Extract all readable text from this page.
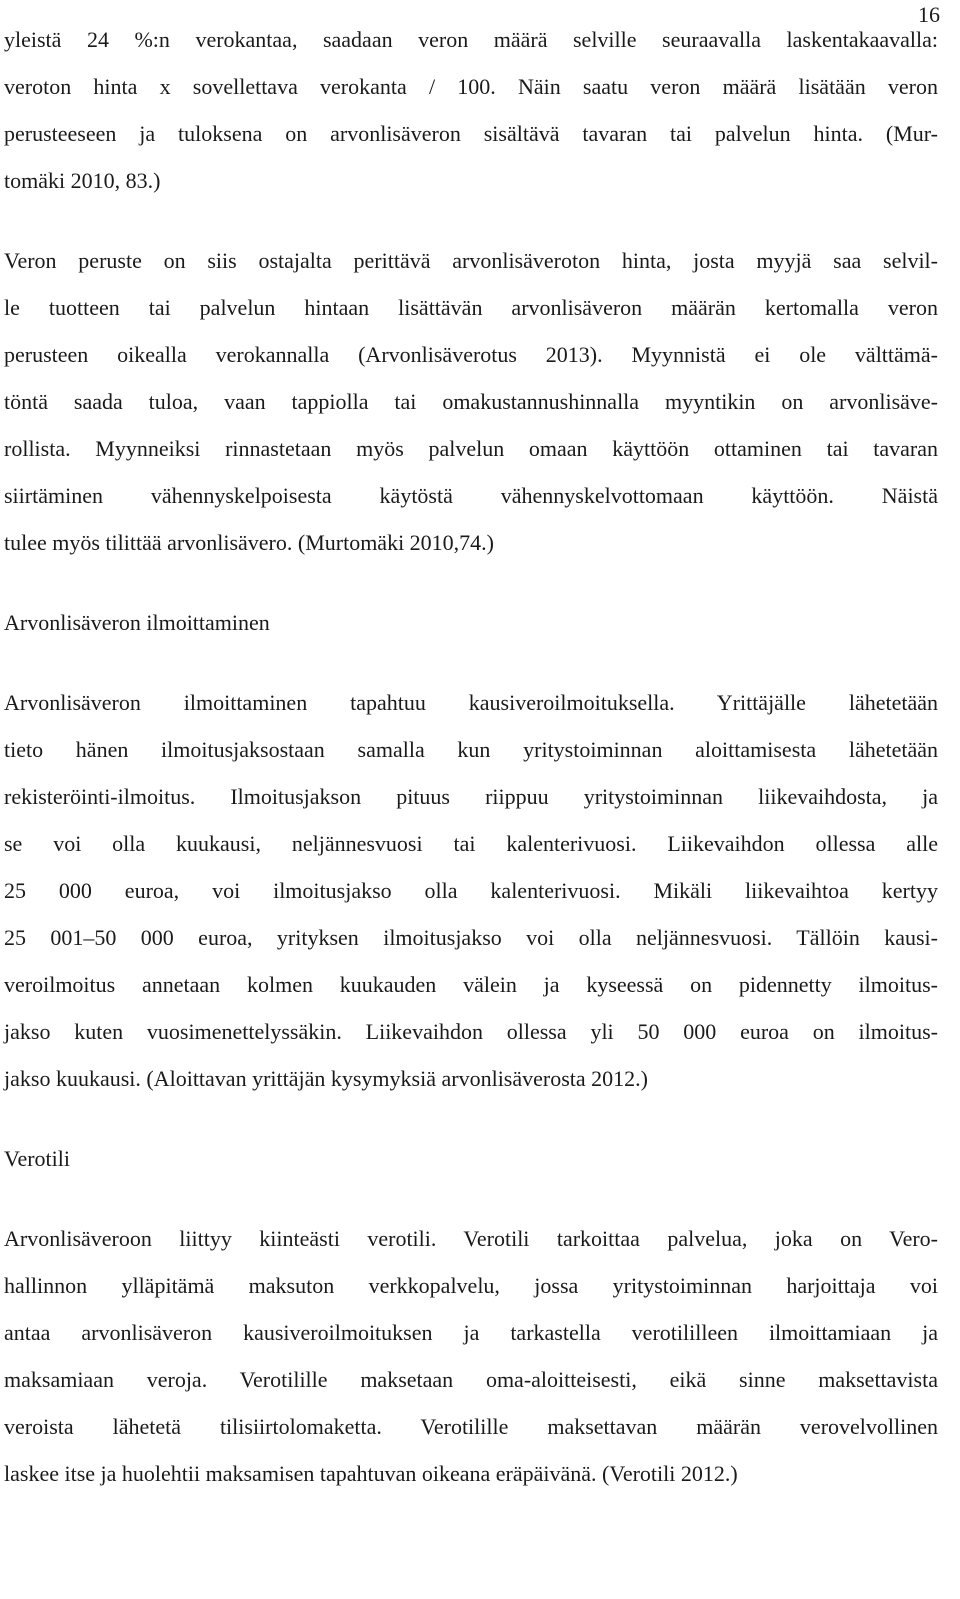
16

yleistä 24 %:n verokantaa, saadaan veron määrä selville seuraavalla laskentakaavalla:
veroton hinta x sovellettava verokanta / 100. Näin saatu veron määrä lisätään veron
perusteeseen ja tuloksena on arvonlisäveron sisältävä tavaran tai palvelun hinta. (Mur-
tomäki 2010, 83.)

Veron peruste on siis ostajalta perittävä arvonlisäveroton hinta, josta myyjä saa selvil-
le tuotteen tai palvelun hintaan lisättävän arvonlisäveron määrän kertomalla veron
perusteen oikealla verokannalla (Arvonlisäverotus 2013). Myynnistä ei ole välttämä-
töntä saada tuloa, vaan tappiolla tai omakustannushinnalla myyntikin on arvonlisäve-
rollista. Myynneiksi rinnastetaan myös palvelun omaan käyttöön ottaminen tai tavaran
siirtäminen vähennyskelpoisesta käytöstä vähennyskelvottomaan käyttöön. Näistä
tulee myös tilittää arvonlisävero. (Murtomäki 2010,74.)

Arvonlisäveron ilmoittaminen

Arvonlisäveron ilmoittaminen tapahtuu kausiveroilmoituksella. Yrittäjälle lähetetään
tieto hänen ilmoitusjaksostaan samalla kun yritystoiminnan aloittamisesta lähetetään
rekisteröinti-ilmoitus. Ilmoitusjakson pituus riippuu yritystoiminnan liikevaihdosta, ja
se voi olla kuukausi, neljännesvuosi tai kalenterivuosi. Liikevaihdon ollessa alle
25 000 euroa, voi ilmoitusjakso olla kalenterivuosi. Mikäli liikevaihtoa kertyy
25 001–50 000 euroa, yrityksen ilmoitusjakso voi olla neljännesvuosi. Tällöin kausi-
veroilmoitus annetaan kolmen kuukauden välein ja kyseessä on pidennetty ilmoitus-
jakso kuten vuosimenettelyssäkin. Liikevaihdon ollessa yli 50 000 euroa on ilmoitus-
jakso kuukausi. (Aloittavan yrittäjän kysymyksiä arvonlisäverosta 2012.)

Verotili

Arvonlisäveroon liittyy kiinteästi verotili. Verotili tarkoittaa palvelua, joka on Vero-
hallinnon ylläpitämä maksuton verkkopalvelu, jossa yritystoiminnan harjoittaja voi
antaa arvonlisäveron kausiveroilmoituksen ja tarkastella verotililleen ilmoittamiaan ja
maksamiaan veroja. Verotilille maksetaan oma-aloitteisesti, eikä sinne maksettavista
veroista lähetetä tilisiirtolomaketta. Verotilille maksettavan määrän verovelvollinen
laskee itse ja huolehtii maksamisen tapahtuvan oikeana eräpäivänä. (Verotili 2012.)
